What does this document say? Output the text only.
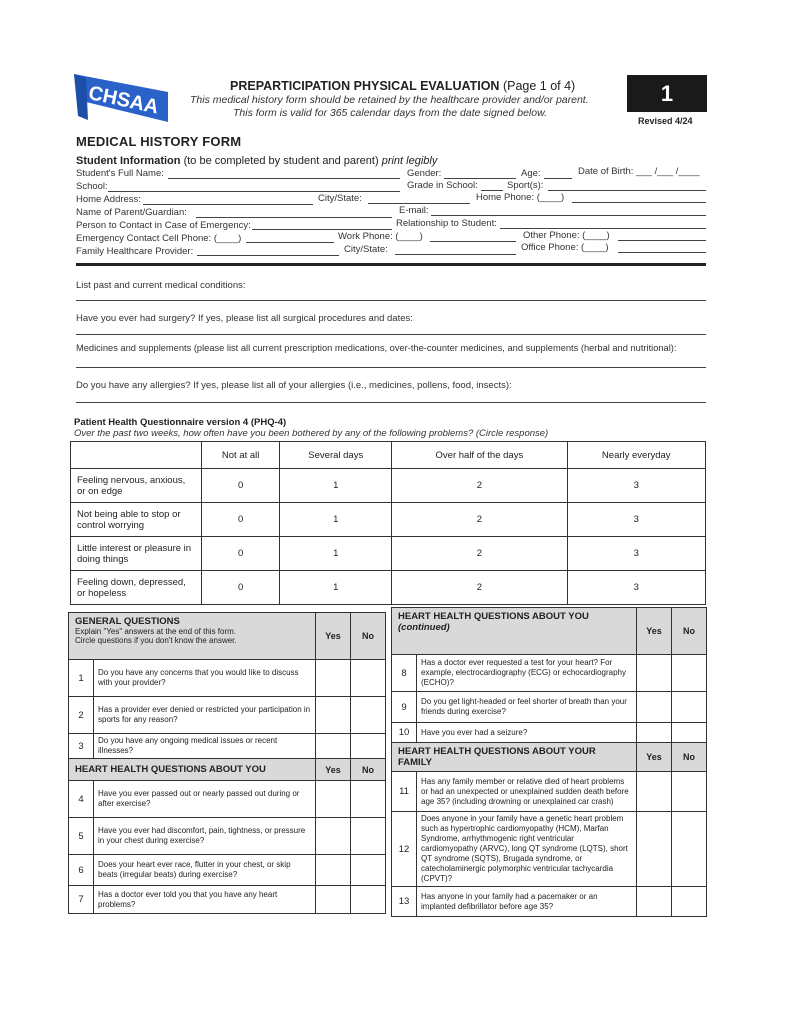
CHSAA	PREPARTICIPATION PHYSICAL EVALUATION (Page 1 of 4)
This medical history form should be retained by the healthcare provider and/or parent.
This form is valid for 365 calendar days from the date signed below.
1
Revised 4/24
MEDICAL HISTORY FORM
Student Information (to be completed by student and parent) print legibly
Student's Full Name:	Gender:	Age:	Date of Birth: ___ /___ /____
School:	Grade in School:	Sport(s):
Home Address:	City/State:	Home Phone: (____)
Name of Parent/Guardian:	E-mail:
Person to Contact in Case of Emergency:	Relationship to Student:
Emergency Contact Cell Phone: (____)	Work Phone: (____)	Other Phone: (____)
Family Healthcare Provider:	City/State:	Office Phone: (____)
List past and current medical conditions:
Have you ever had surgery? If yes, please list all surgical procedures and dates:
Medicines and supplements (please list all current prescription medications, over-the-counter medicines, and supplements (herbal and nutritional):
Do you have any allergies? If yes, please list all of your allergies (i.e., medicines, pollens, food, insects):
Patient Health Questionnaire version 4 (PHQ-4)
Over the past two weeks, how often have you been bothered by any of the following problems? (Circle response)
	Not at all	Several days	Over half of the days	Nearly everyday
Feeling nervous, anxious, or on edge	0	1	2	3
Not being able to stop or control worrying	0	1	2	3
Little interest or pleasure in doing things	0	1	2	3
Feeling down, depressed, or hopeless	0	1	2	3
GENERAL QUESTIONS
Explain "Yes" answers at the end of this form.
Circle questions if you don't know the answer.		Yes	No
1	Do you have any concerns that you would like to discuss with your provider?		
2	Has a provider ever denied or restricted your participation in sports for any reason?		
3	Do you have any ongoing medical issues or recent illnesses?		
HEART HEALTH QUESTIONS ABOUT YOU		Yes	No
4	Have you ever passed out or nearly passed out during or after exercise?		
5	Have you ever had discomfort, pain, tightness, or pressure in your chest during exercise?		
6	Does your heart ever race, flutter in your chest, or skip beats (irregular beats) during exercise?		
7	Has a doctor ever told you that you have any heart problems?		
HEART HEALTH QUESTIONS ABOUT YOU
(continued)		Yes	No
8	Has a doctor ever requested a test for your heart? For example, electrocardiography (ECG) or echocardiography (ECHO)?		
9	Do you get light-headed or feel shorter of breath than your friends during exercise?		
10	Have you ever had a seizure?		
HEART HEALTH QUESTIONS ABOUT YOUR FAMILY		Yes	No
11	Has any family member or relative died of heart problems or had an unexpected or unexplained sudden death before age 35? (including drowning or unexplained car crash)		
12	Does anyone in your family have a genetic heart problem such as hypertrophic cardiomyopathy (HCM), Marfan Syndrome, arrhythmogenic right ventricular cardiomyopathy (ARVC), long QT syndrome (LQTS), short QT syndrome (SQTS), Brugada syndrome, or catecholaminergic polymorphic ventricular tachycardia (CPVT)?		
13	Has anyone in your family had a pacemaker or an implanted defibrillator before age 35?		
